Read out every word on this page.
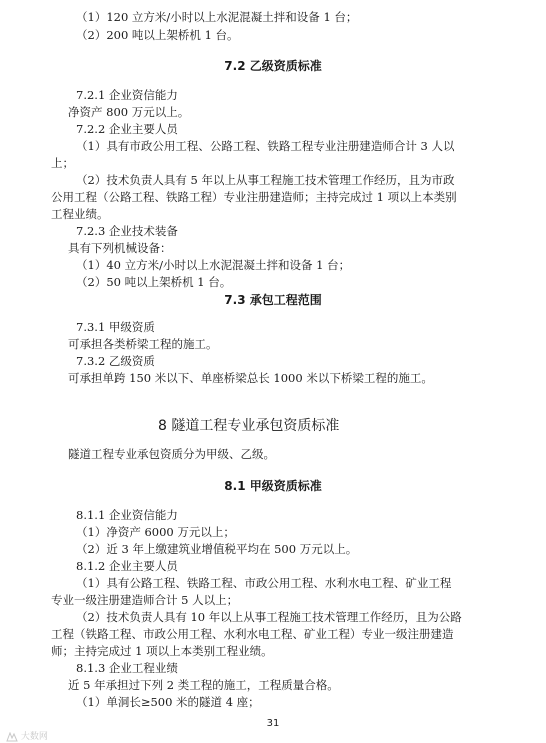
（1）120 立方米/小时以上水泥混凝土拌和设备 1 台；
（2）200 吨以上架桥机 1 台。
7.2 乙级资质标准
7.2.1 企业资信能力
净资产 800 万元以上。
7.2.2 企业主要人员
（1）具有市政公用工程、公路工程、铁路工程专业注册建造师合计 3 人以
上；
（2）技术负责人具有 5 年以上从事工程施工技术管理工作经历，且为市政
公用工程（公路工程、铁路工程）专业注册建造师；主持完成过 1 项以上本类别
工程业绩。
7.2.3 企业技术装备
具有下列机械设备：
（1）40 立方米/小时以上水泥混凝土拌和设备 1 台；
（2）50 吨以上架桥机 1 台。
7.3 承包工程范围
7.3.1 甲级资质
可承担各类桥梁工程的施工。
7.3.2 乙级资质
可承担单跨 150 米以下、单座桥梁总长 1000 米以下桥梁工程的施工。
8 隧道工程专业承包资质标准
隧道工程专业承包资质分为甲级、乙级。
8.1 甲级资质标准
8.1.1 企业资信能力
（1）净资产 6000 万元以上；
（2）近 3 年上缴建筑业增值税平均在 500 万元以上。
8.1.2 企业主要人员
（1）具有公路工程、铁路工程、市政公用工程、水利水电工程、矿业工程
专业一级注册建造师合计 5 人以上；
（2）技术负责人具有 10 年以上从事工程施工技术管理工作经历，且为公路
工程（铁路工程、市政公用工程、水利水电工程、矿业工程）专业一级注册建造
师；主持完成过 1 项以上本类别工程业绩。
8.1.3 企业工程业绩
近 5 年承担过下列 2 类工程的施工，工程质量合格。
（1）单洞长≥500 米的隧道 4 座；
31
大数网
